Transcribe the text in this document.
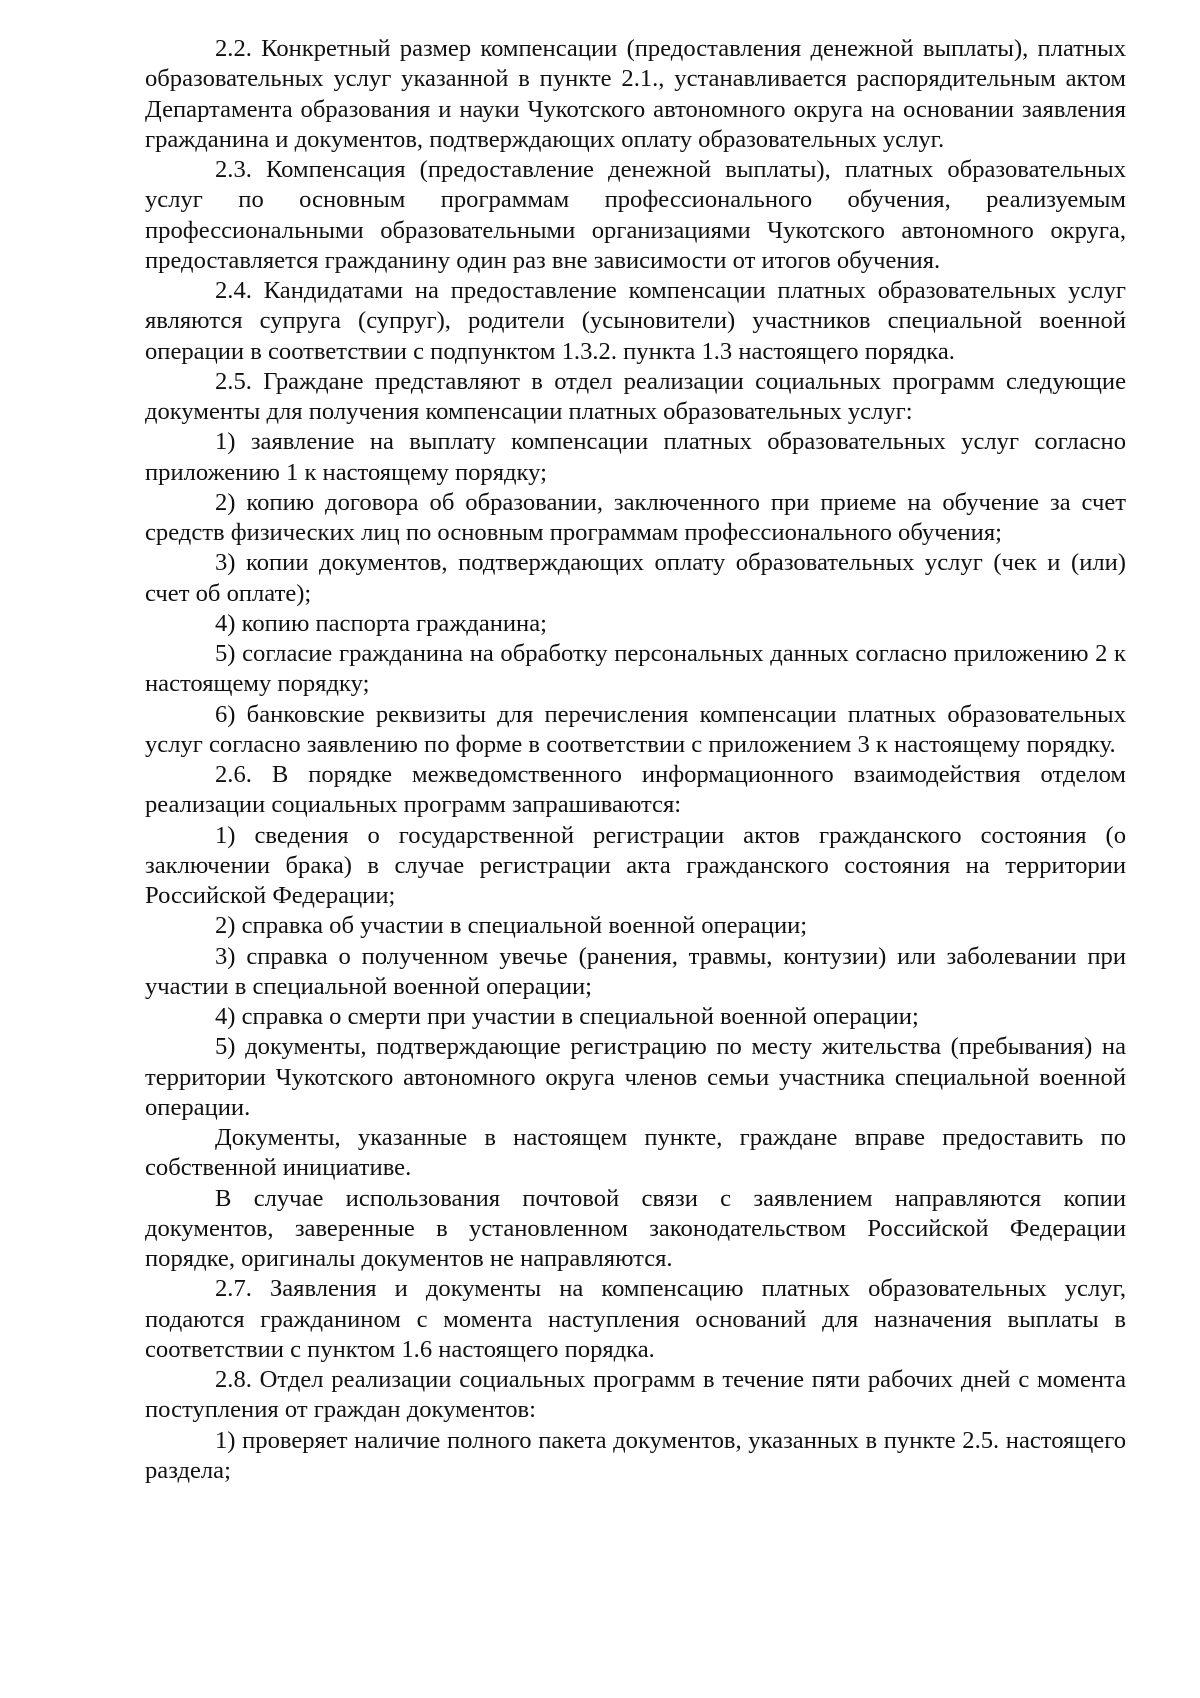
2.2. Конкретный размер компенсации (предоставления денежной выплаты), платных образовательных услуг указанной в пункте 2.1., устанавливается распорядительным актом Департамента образования и науки Чукотского автономного округа на основании заявления гражданина и документов, подтверждающих оплату образовательных услуг.

2.3. Компенсация (предоставление денежной выплаты), платных образовательных услуг по основным программам профессионального обучения, реализуемым профессиональными образовательными организациями Чукотского автономного округа, предоставляется гражданину один раз вне зависимости от итогов обучения.

2.4. Кандидатами на предоставление компенсации платных образовательных услуг являются супруга (супруг), родители (усыновители) участников специальной военной операции в соответствии с подпунктом 1.3.2. пункта 1.3 настоящего порядка.

2.5. Граждане представляют в отдел реализации социальных программ следующие документы для получения компенсации платных образовательных услуг:

1) заявление на выплату компенсации платных образовательных услуг согласно приложению 1 к настоящему порядку;

2) копию договора об образовании, заключенного при приеме на обучение за счет средств физических лиц по основным программам профессионального обучения;

3) копии документов, подтверждающих оплату образовательных услуг (чек и (или) счет об оплате);

4) копию паспорта гражданина;

5) согласие гражданина на обработку персональных данных согласно приложению 2 к настоящему порядку;

6) банковские реквизиты для перечисления компенсации платных образовательных услуг согласно заявлению по форме в соответствии с приложением 3 к настоящему порядку.

2.6. В порядке межведомственного информационного взаимодействия отделом реализации социальных программ запрашиваются:

1) сведения о государственной регистрации актов гражданского состояния (о заключении брака) в случае регистрации акта гражданского состояния на территории Российской Федерации;

2) справка об участии в специальной военной операции;

3) справка о полученном увечье (ранения, травмы, контузии) или заболевании при участии в специальной военной операции;

4) справка о смерти при участии в специальной военной операции;

5) документы, подтверждающие регистрацию по месту жительства (пребывания) на территории Чукотского автономного округа членов семьи участника специальной военной операции.

Документы, указанные в настоящем пункте, граждане вправе предоставить по собственной инициативе.

В случае использования почтовой связи с заявлением направляются копии документов, заверенные в установленном законодательством Российской Федерации порядке, оригиналы документов не направляются.

2.7. Заявления и документы на компенсацию платных образовательных услуг, подаются гражданином с момента наступления оснований для назначения выплаты в соответствии с пунктом 1.6 настоящего порядка.

2.8. Отдел реализации социальных программ в течение пяти рабочих дней с момента поступления от граждан документов:

1) проверяет наличие полного пакета документов, указанных в пункте 2.5. настоящего раздела;
